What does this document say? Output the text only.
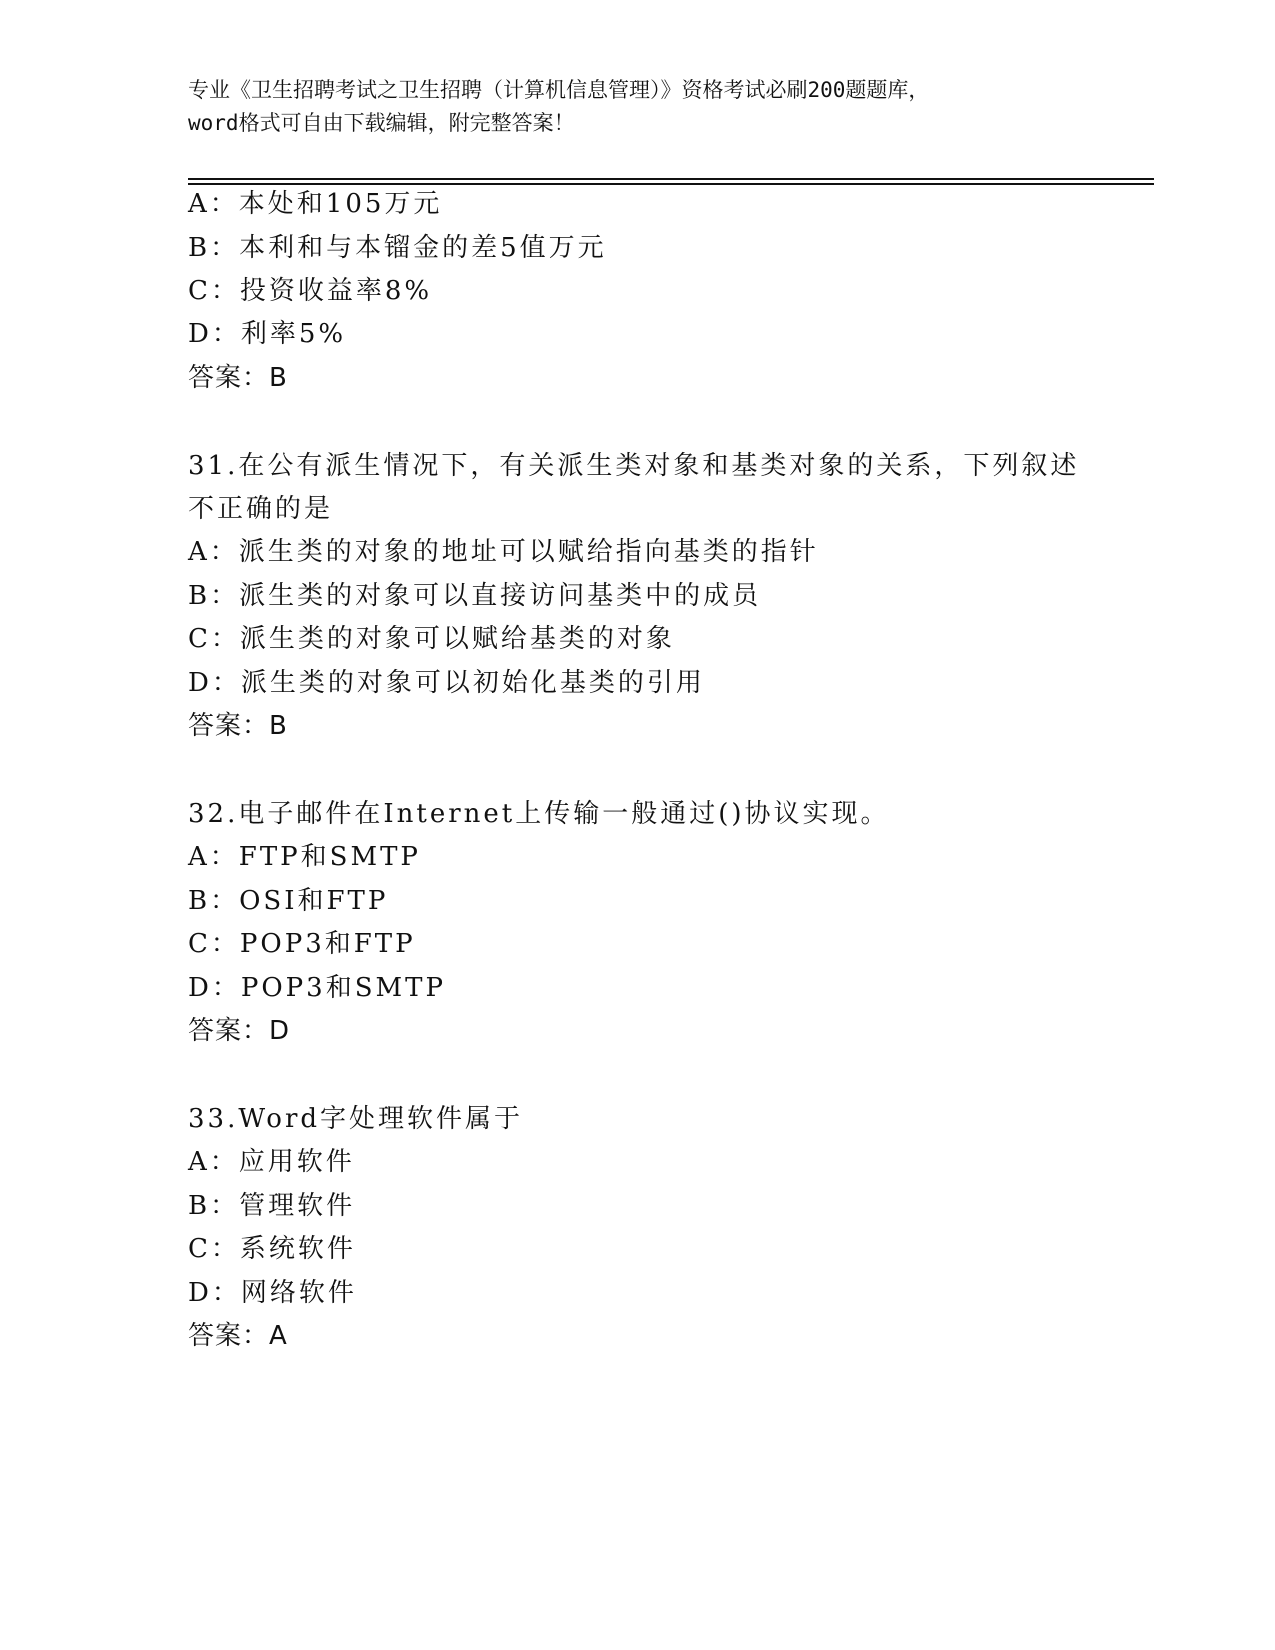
专业《卫生招聘考试之卫生招聘（计算机信息管理）》资格考试必刷200题题库，

word格式可自由下载编辑，附完整答案！

A：本处和105万元

B：本利和与本镏金的差5值万元

C：投资收益率8%

D：利率5%

答案：B

31.在公有派生情况下，有关派生类对象和基类对象的关系，下列叙述

不正确的是

A：派生类的对象的地址可以赋给指向基类的指针

B：派生类的对象可以直接访问基类中的成员

C：派生类的对象可以赋给基类的对象

D：派生类的对象可以初始化基类的引用

答案：B

32.电子邮件在Internet上传输一般通过()协议实现。

A：FTP和SMTP

B：OSI和FTP

C：POP3和FTP

D：POP3和SMTP

答案：D

33.Word字处理软件属于

A：应用软件

B：管理软件

C：系统软件

D：网络软件

答案：A
